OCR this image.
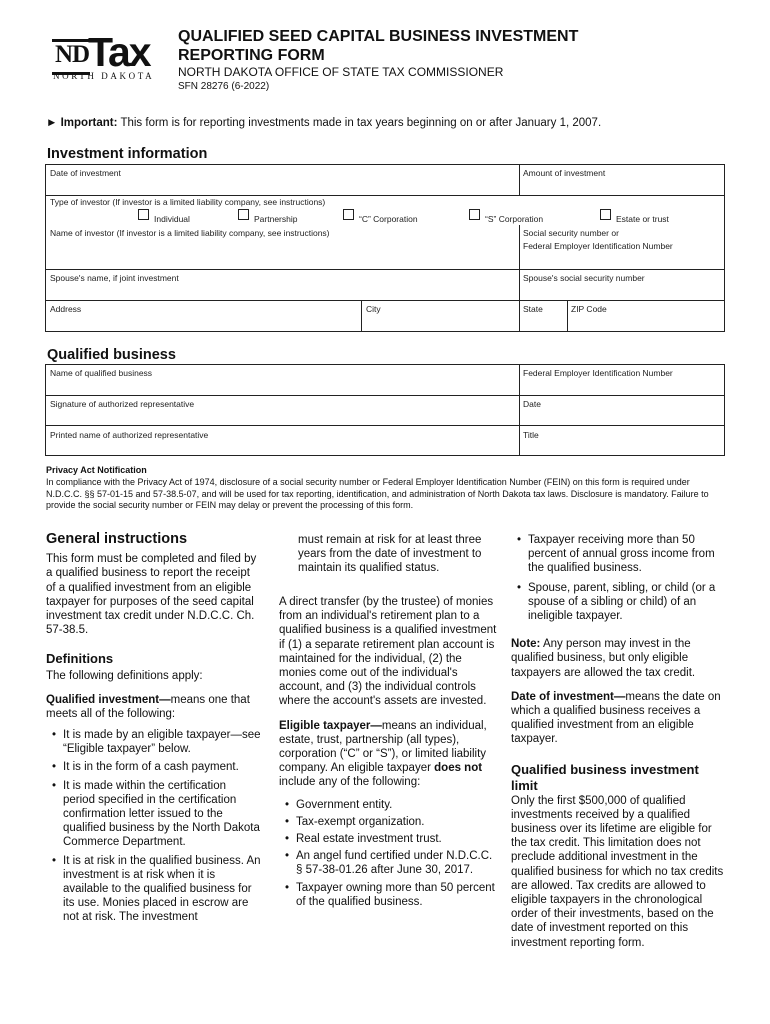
ND
Tax
NORTH DAKOTA
QUALIFIED SEED CAPITAL BUSINESS INVESTMENT
REPORTING FORM
NORTH DAKOTA OFFICE OF STATE TAX COMMISSIONER
SFN 28276 (6-2022)
► Important: This form is for reporting investments made in tax years beginning on or after January 1, 2007.
Investment information
Date of investment	Amount of investment
Type of investor (If investor is a limited liability company, see instructions)
Individual	Partnership	“C” Corporation	“S” Corporation	Estate or trust
Name of investor (If investor is a limited liability company, see instructions)	Social security number or
Federal Employer Identification Number
Spouse's name, if joint investment	Spouse's social security number
Address	City	State	ZIP Code
Qualified business
Name of qualified business	Federal Employer Identification Number
Signature of authorized representative	Date
Printed name of authorized representative	Title
Privacy Act Notification
In compliance with the Privacy Act of 1974, disclosure of a social security number or Federal Employer Identification Number (FEIN) on this form is required under N.D.C.C. §§ 57-01-15 and 57-38.5-07, and will be used for tax reporting, identification, and administration of North Dakota tax laws. Disclosure is mandatory. Failure to provide the social security number or FEIN may delay or prevent the processing of this form.
General instructions

This form must be completed and filed by a qualified business to report the receipt of a qualified investment from an eligible taxpayer for purposes of the seed capital investment tax credit under N.D.C.C. Ch. 57-38.5.

Definitions

The following definitions apply:

Qualified investment—means one that meets all of the following:

• It is made by an eligible taxpayer—see “Eligible taxpayer” below.
• It is in the form of a cash payment.
• It is made within the certification period specified in the certification confirmation letter issued to the qualified business by the North Dakota Commerce Department.
• It is at risk in the qualified business. An investment is at risk when it is available to the qualified business for its use. Monies placed in escrow are not at risk. The investment

A direct transfer (by the trustee) of monies from an individual's retirement plan to a qualified business is a qualified investment if (1) a separate retirement plan account is maintained for the individual, (2) the monies come out of the individual's account, and (3) the individual controls where the account's assets are invested.

Eligible taxpayer—means an individual, estate, trust, partnership (all types), corporation (“C” or “S”), or limited liability company. An eligible taxpayer does not include any of the following:

• Government entity.
• Tax-exempt organization.
• Real estate investment trust.
• An angel fund certified under N.D.C.C. § 57-38-01.26 after June 30, 2017.
• Taxpayer owning more than 50 percent of the qualified business.

must remain at risk for at least three years from the date of investment to maintain its qualified status.

• Taxpayer receiving more than 50 percent of annual gross income from the qualified business.
• Spouse, parent, sibling, or child (or a spouse of a sibling or child) of an ineligible taxpayer.

Note: Any person may invest in the qualified business, but only eligible taxpayers are allowed the tax credit.

Date of investment—means the date on which a qualified business receives a qualified investment from an eligible taxpayer.

Qualified business investment limit

Only the first $500,000 of qualified investments received by a qualified business over its lifetime are eligible for the tax credit. This limitation does not preclude additional investment in the qualified business for which no tax credits are allowed. Tax credits are allowed to eligible taxpayers in the chronological order of their investments, based on the date of investment reported on this investment reporting form.
